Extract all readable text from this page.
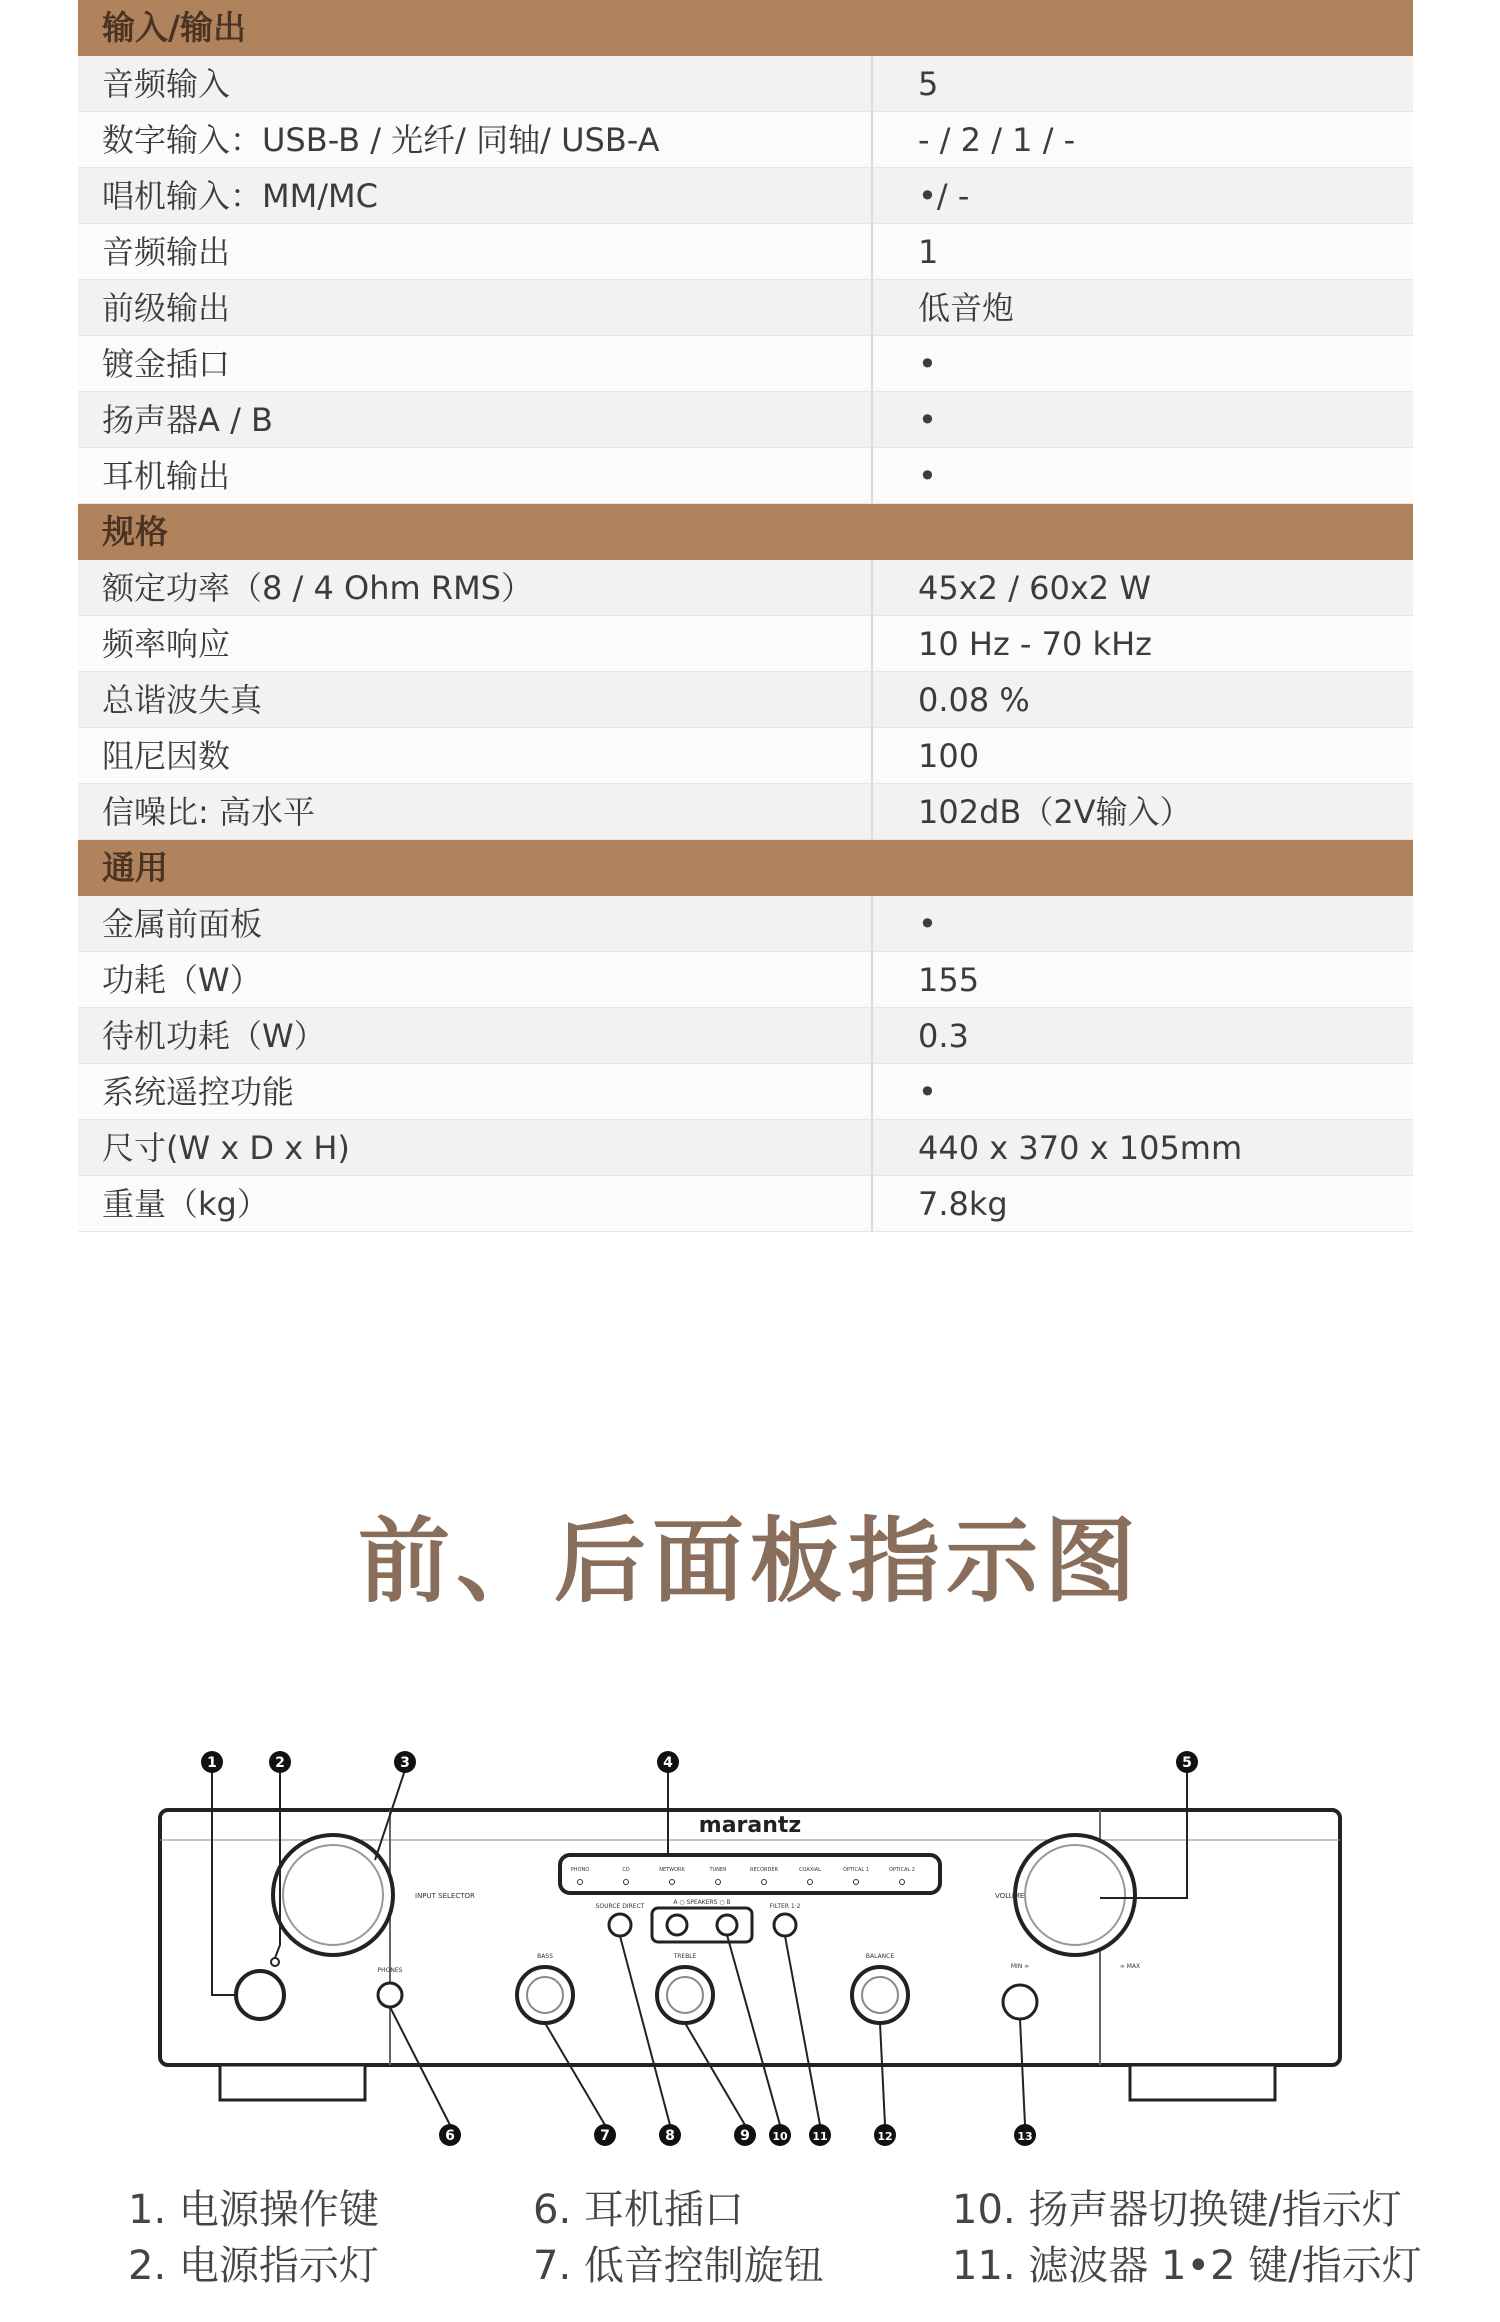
输入/输出
音频输入	5
数字输入：USB-B / 光纤/ 同轴/ USB-A	- / 2 / 1 / -
唱机输入：MM/MC	•/ -
音频输出	1
前级输出	低音炮
镀金插口	•
扬声器A / B	•
耳机输出	•
规格
额定功率（8 / 4 Ohm RMS）	45x2 / 60x2 W
频率响应	10 Hz - 70 kHz
总谐波失真	0.08 %
阻尼因数	100
信噪比: 高水平	102dB（2V输入）
通用
金属前面板	•
功耗（W）	155
待机功耗（W）	0.3
系统遥控功能	•
尺寸(W x D x H)	440 x 370 x 105mm
重量（kg）	7.8kg
前、后面板指示图
marantz
INPUT SELECTOR	VOLUME
PHONO	CD	NETWORK	TUNER	RECORDER	COAXIAL	OPTICAL 1	OPTICAL 2
PHONES
SOURCE DIRECT
A ○ SPEAKERS ○ B
FILTER 1·2
BASS	TREBLE	BALANCE
MIN ∞	∞ MAX
1	2	3	4	5
6	7	8	9 10 11	12	13
1. 电源操作键
2. 电源指示灯
6. 耳机插口
7. 低音控制旋钮
10. 扬声器切换键/指示灯
11. 滤波器 1•2 键/指示灯
